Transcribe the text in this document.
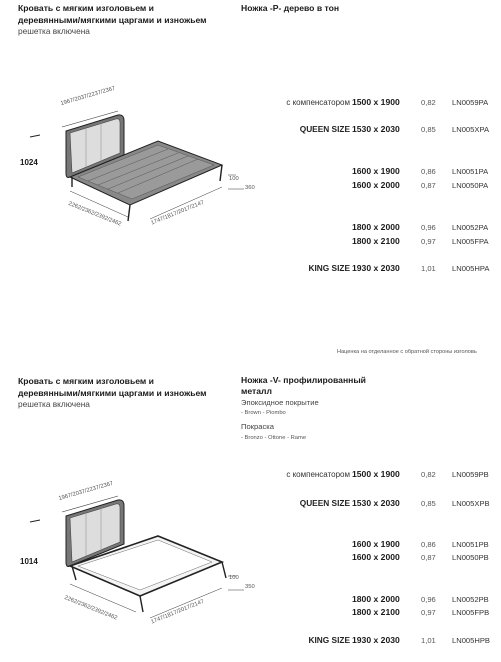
Кровать с мягким изголовьем и
деревянными/мягкими царгами и изножьем
решетка включена
Ножка -P- дерево в тон
1024
1967/2037/2237/2367
2262/2362/2392/2462	1747/1817/2017/2147
100
360
с компенсатором 1500 x 1900	0,82 LN0059PA
QUEEN SIZE 1530 x 2030	0,85 LN005XPA
1600 x 1900	0,86 LN0051PA
1600 x 2000	0,87 LN0050PA
1800 x 2000	0,96 LN0052PA
1800 x 2100	0,97 LN005FPA
KING SIZE 1930 x 2030	1,01 LN005HPA
Наценка на отделанное с обратной стороны изголовь
Кровать с мягким изголовьем и
деревянными/мягкими царгами и изножьем
решетка включена
Ножка -V- профилированный
металл
Эпоксидное покрытие
- Brown - Piombo
Покраска
- Bronzo - Ottone - Rame
1014
1967/2037/2237/2367
2262/2362/2392/2462	1747/1817/2017/2147
100
350
с компенсатором 1500 x 1900	0,82 LN0059PB
QUEEN SIZE 1530 x 2030	0,85 LN005XPB
1600 x 1900	0,86 LN0051PB
1600 x 2000	0,87 LN0050PB
1800 x 2000	0,96 LN0052PB
1800 x 2100	0,97 LN005FPB
KING SIZE 1930 x 2030	1,01 LN005HPB
